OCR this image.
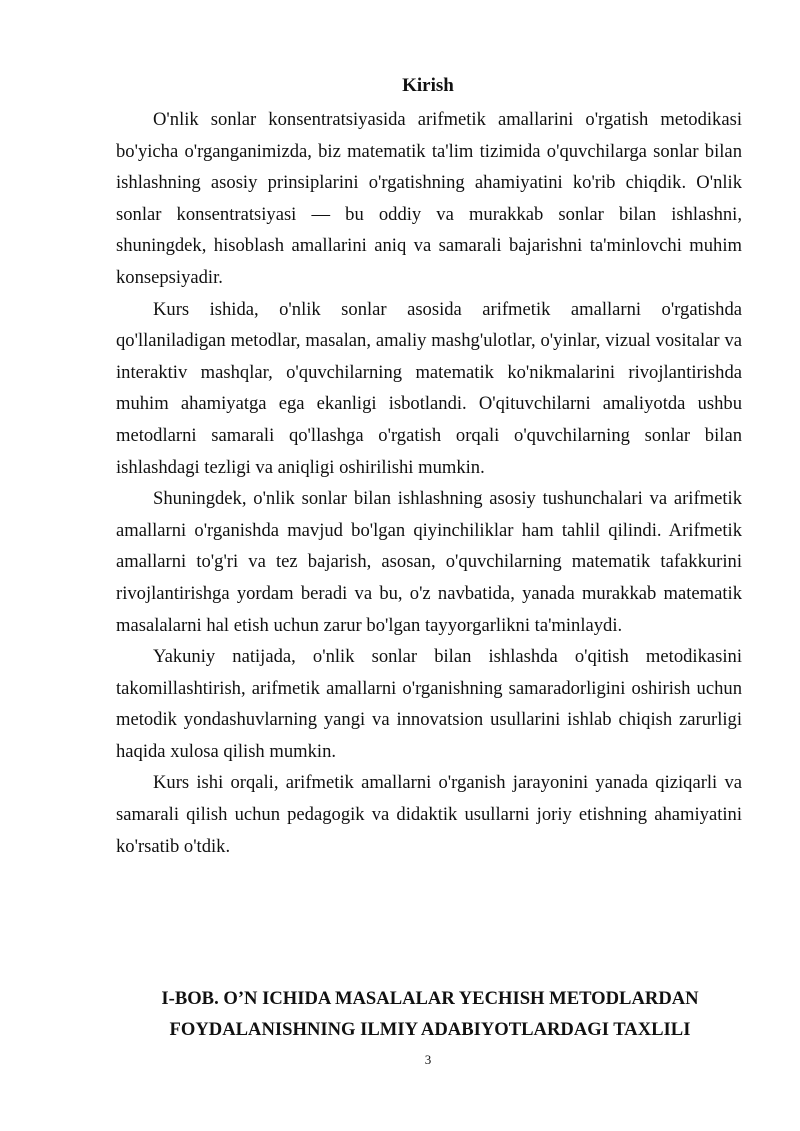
Kirish

O'nlik sonlar konsentratsiyasida arifmetik amallarini o'rgatish metodikasi bo'yicha o'rganganimizda, biz matematik ta'lim tizimida o'quvchilarga sonlar bilan ishlashning asosiy prinsiplarini o'rgatishning ahamiyatini ko'rib chiqdik. O'nlik sonlar konsentratsiyasi — bu oddiy va murakkab sonlar bilan ishlashni, shuningdek, hisoblash amallarini aniq va samarali bajarishni ta'minlovchi muhim konsepsiyadir.

Kurs ishida, o'nlik sonlar asosida arifmetik amallarni o'rgatishda qo'llaniladigan metodlar, masalan, amaliy mashg'ulotlar, o'yinlar, vizual vositalar va interaktiv mashqlar, o'quvchilarning matematik ko'nikmalarini rivojlantirishda muhim ahamiyatga ega ekanligi isbotlandi. O'qituvchilarni amaliyotda ushbu metodlarni samarali qo'llashga o'rgatish orqali o'quvchilarning sonlar bilan ishlashdagi tezligi va aniqligi oshirilishi mumkin.

Shuningdek, o'nlik sonlar bilan ishlashning asosiy tushunchalari va arifmetik amallarni o'rganishda mavjud bo'lgan qiyinchiliklar ham tahlil qilindi. Arifmetik amallarni to'g'ri va tez bajarish, asosan, o'quvchilarning matematik tafakkurini rivojlantirishga yordam beradi va bu, o'z navbatida, yanada murakkab matematik masalalarni hal etish uchun zarur bo'lgan tayyorgarlikni ta'minlaydi.

Yakuniy natijada, o'nlik sonlar bilan ishlashda o'qitish metodikasini takomillashtirish, arifmetik amallarni o'rganishning samaradorligini oshirish uchun metodik yondashuvlarning yangi va innovatsion usullarini ishlab chiqish zarurligi haqida xulosa qilish mumkin.

Kurs ishi orqali, arifmetik amallarni o'rganish jarayonini yanada qiziqarli va samarali qilish uchun pedagogik va didaktik usullarni joriy etishning ahamiyatini ko'rsatib o'tdik.

I-BOB. O’N ICHIDA MASALALAR YECHISH METODLARDAN
FOYDALANISHNING ILMIY ADABIYOTLARDAGI TAXLILI
3
